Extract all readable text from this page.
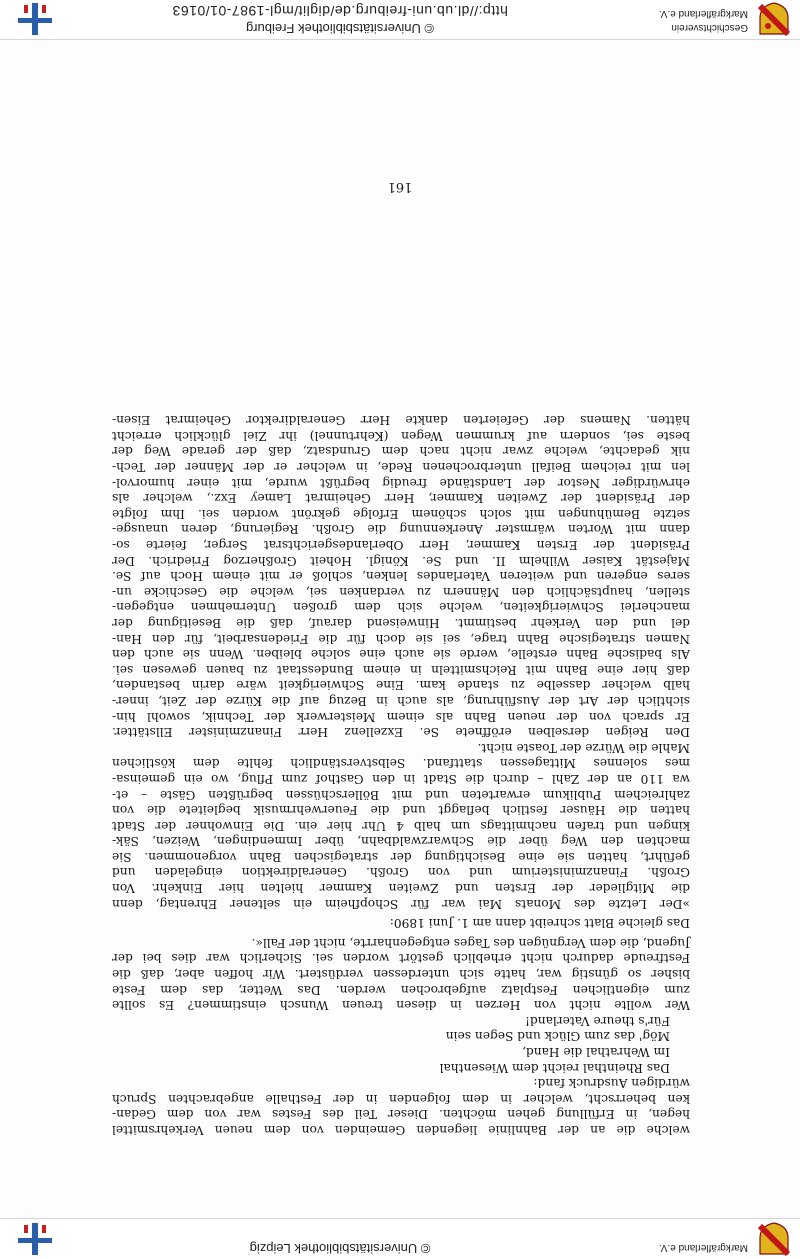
Markgräflerland e.V.
© Universitätsbibliothek Leipzig
welche die an der Bahnlinie liegenden Gemeinden von dem neuen Verkehrsmittel
hegen, in Erfüllung gehen möchten. Dieser Teil des Festes war von dem Gedan-
ken beherrscht, welcher in dem folgenden in der Festhalle angebrachten Spruch
würdigen Ausdruck fand:
Das Rheinthal reicht dem Wiesenthal
Im Wehrathal die Hand,
Mög' das zum Glück und Segen sein
Für's theure Vaterland!
Wer wollte nicht von Herzen in diesen treuen Wunsch einstimmen? Es sollte
zum eigentlichen Festplatz aufgebrochen werden. Das Wetter, das dem Feste
bisher so günstig war, hatte sich unterdessen verdüstert. Wir hoffen aber, daß die
Festfreude dadurch nicht erheblich gestört worden sei. Sicherlich war dies bei der
Jugend, die dem Vergnügen des Tages entgegenharrte, nicht der Fall«.
Das gleiche Blatt schreibt dann am 1. Juni 1890:
»Der Letzte des Monats Mai war für Schopfheim ein seltener Ehrentag, denn
die Mitglieder der Ersten und Zweiten Kammer hielten hier Einkehr. Von
Großh. Finanzministerium und von Großh. Generaldirektion eingeladen und
geführt, hatten sie eine Besichtigung der strategischen Bahn vorgenommen. Sie
machten den Weg über die Schwarzwaldbahn, über Immendingen, Weizen, Säk-
kingen und trafen nachmittags um halb 4 Uhr hier ein. Die Einwohner der Stadt
hatten die Häuser festlich beflaggt und die Feuerwehrmusik begleitete die von
zahlreichem Publikum erwarteten und mit Böllerschüssen begrüßten Gäste – et-
wa 110 an der Zahl – durch die Stadt in den Gasthof zum Pflug, wo ein gemeinsa-
mes solennes Mittagessen stattfand. Selbstverständlich fehlte dem köstlichen
Mahle die Würze der Toaste nicht.
Den Reigen derselben eröffnete Se. Exzellenz Herr Finanzminister Ellstätter.
Er sprach von der neuen Bahn als einem Meisterwerk der Technik, sowohl hin-
sichtlich der Art der Ausführung, als auch in Bezug auf die Kürze der Zeit, inner-
halb welcher dasselbe zu stande kam. Eine Schwierigkeit wäre darin bestanden,
daß hier eine Bahn mit Reichsmitteln in einem Bundesstaat zu bauen gewesen sei.
Als badische Bahn erstelle, werde sie auch eine solche bleiben. Wenn sie auch den
Namen strategische Bahn trage, sei sie doch für die Friedensarbeit, für den Han-
del und den Verkehr bestimmt. Hinweisend darauf, daß die Beseitigung der
mancherlei Schwierigkeiten, welche sich dem großen Unternehmen entgegen-
stellen, hauptsächlich den Männern zu verdanken sei, welche die Geschicke un-
seres engeren und weiteren Vaterlandes lenken, schloß er mit einem Hoch auf Se.
Majestät Kaiser Wilhelm II. und Se. Königl. Hoheit Großherzog Friedrich. Der
Präsident der Ersten Kammer, Herr Oberlandesgerichtsrat Serger, feierte so-
dann mit Worten wärmster Anerkennung die Großh. Regierung, deren unausge-
setzte Bemühungen mit solch schönem Erfolge gekrönt worden sei. Ihm folgte
der Präsident der Zweiten Kammer, Herr Geheimrat Lamey Exz., welcher als
ehrwürdiger Nestor der Landstände freudig begrüßt wurde, mit einer humorvol-
len mit reichem Beifall unterbrochenen Rede, in welcher er der Männer der Tech-
nik gedachte, welche zwar nicht nach dem Grundsatz, daß der gerade Weg der
beste sei, sondern auf krummen Wegen (Kehrtunnel) ihr Ziel glücklich erreicht
hätten. Namens der Gefeierten dankte Herr Generaldirektor Geheimrat Eisen-
161
Geschichtsverein
Markgräflerland e.V.
© Universitätsbibliothek Freiburg
http://dl.ub.uni-freiburg.de/diglit/mgl-1987-01/0163
